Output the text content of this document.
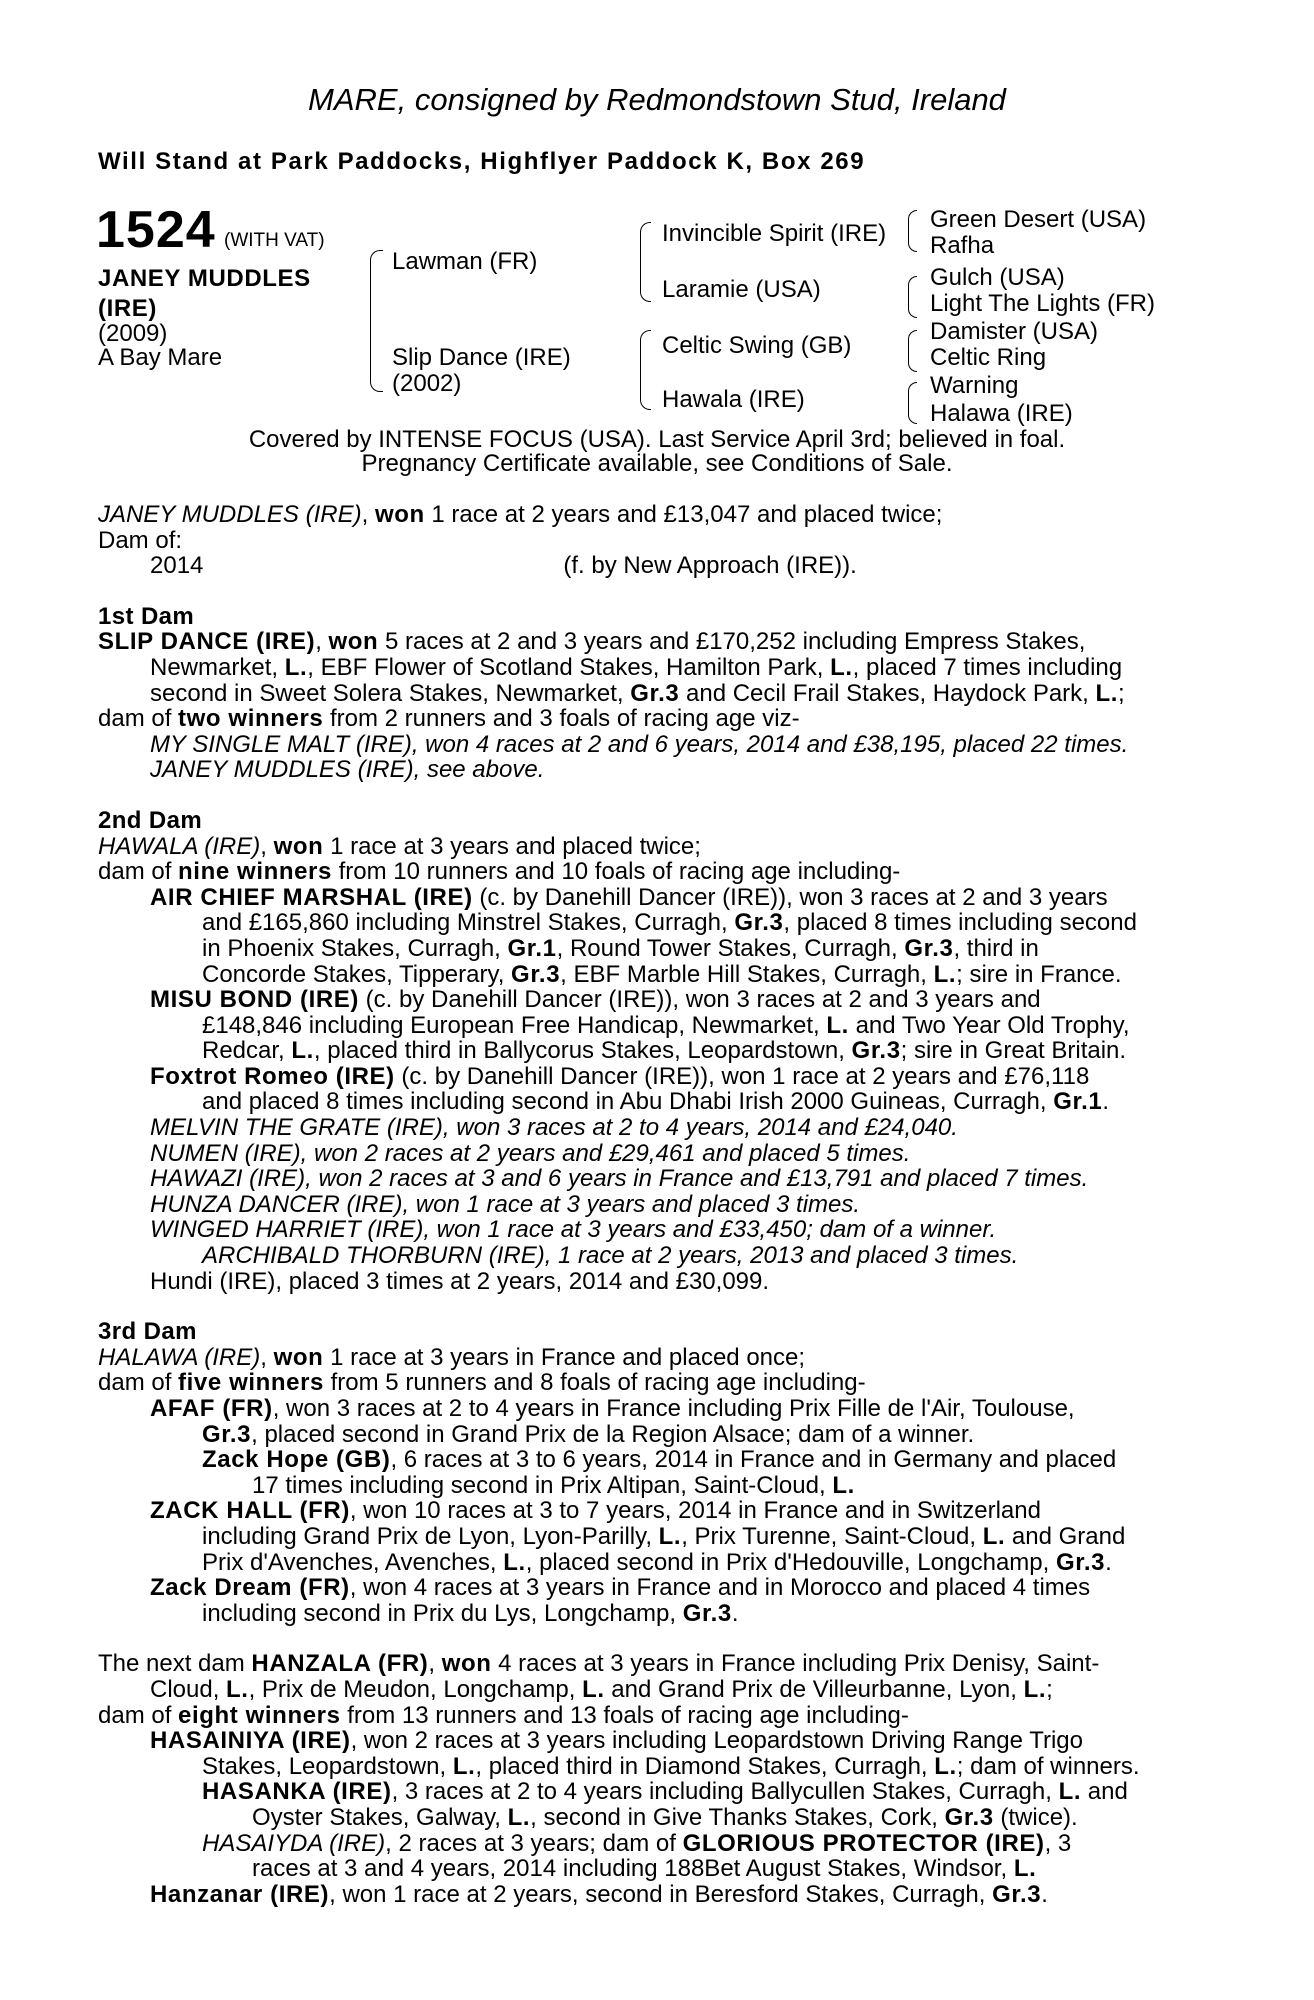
MARE, consigned by Redmondstown Stud, Ireland
Will Stand at Park Paddocks, Highflyer Paddock K, Box 269
1524 (WITH VAT)
JANEY MUDDLES
(IRE)
(2009)
A Bay Mare
Lawman (FR)
Slip Dance (IRE)
(2002)
Invincible Spirit (IRE)
Laramie (USA)
Celtic Swing (GB)
Hawala (IRE)
Green Desert (USA)
Rafha
Gulch (USA)
Light The Lights (FR)
Damister (USA)
Celtic Ring
Warning
Halawa (IRE)
Covered by INTENSE FOCUS (USA). Last Service April 3rd; believed in foal.
Pregnancy Certificate available, see Conditions of Sale.
JANEY MUDDLES (IRE), won 1 race at 2 years and £13,047 and placed twice;
Dam of:
2014	(f. by New Approach (IRE)).
1st Dam
SLIP DANCE (IRE), won 5 races at 2 and 3 years and £170,252 including Empress Stakes,
Newmarket, L., EBF Flower of Scotland Stakes, Hamilton Park, L., placed 7 times including
second in Sweet Solera Stakes, Newmarket, Gr.3 and Cecil Frail Stakes, Haydock Park, L.;
dam of two winners from 2 runners and 3 foals of racing age viz-
MY SINGLE MALT (IRE), won 4 races at 2 and 6 years, 2014 and £38,195, placed 22 times.
JANEY MUDDLES (IRE), see above.
2nd Dam
HAWALA (IRE), won 1 race at 3 years and placed twice;
dam of nine winners from 10 runners and 10 foals of racing age including-
AIR CHIEF MARSHAL (IRE) (c. by Danehill Dancer (IRE)), won 3 races at 2 and 3 years
and £165,860 including Minstrel Stakes, Curragh, Gr.3, placed 8 times including second
in Phoenix Stakes, Curragh, Gr.1, Round Tower Stakes, Curragh, Gr.3, third in
Concorde Stakes, Tipperary, Gr.3, EBF Marble Hill Stakes, Curragh, L.; sire in France.
MISU BOND (IRE) (c. by Danehill Dancer (IRE)), won 3 races at 2 and 3 years and
£148,846 including European Free Handicap, Newmarket, L. and Two Year Old Trophy,
Redcar, L., placed third in Ballycorus Stakes, Leopardstown, Gr.3; sire in Great Britain.
Foxtrot Romeo (IRE) (c. by Danehill Dancer (IRE)), won 1 race at 2 years and £76,118
and placed 8 times including second in Abu Dhabi Irish 2000 Guineas, Curragh, Gr.1.
MELVIN THE GRATE (IRE), won 3 races at 2 to 4 years, 2014 and £24,040.
NUMEN (IRE), won 2 races at 2 years and £29,461 and placed 5 times.
HAWAZI (IRE), won 2 races at 3 and 6 years in France and £13,791 and placed 7 times.
HUNZA DANCER (IRE), won 1 race at 3 years and placed 3 times.
WINGED HARRIET (IRE), won 1 race at 3 years and £33,450; dam of a winner.
ARCHIBALD THORBURN (IRE), 1 race at 2 years, 2013 and placed 3 times.
Hundi (IRE), placed 3 times at 2 years, 2014 and £30,099.
3rd Dam
HALAWA (IRE), won 1 race at 3 years in France and placed once;
dam of five winners from 5 runners and 8 foals of racing age including-
AFAF (FR), won 3 races at 2 to 4 years in France including Prix Fille de l'Air, Toulouse,
Gr.3, placed second in Grand Prix de la Region Alsace; dam of a winner.
Zack Hope (GB), 6 races at 3 to 6 years, 2014 in France and in Germany and placed
17 times including second in Prix Altipan, Saint-Cloud, L.
ZACK HALL (FR), won 10 races at 3 to 7 years, 2014 in France and in Switzerland
including Grand Prix de Lyon, Lyon-Parilly, L., Prix Turenne, Saint-Cloud, L. and Grand
Prix d'Avenches, Avenches, L., placed second in Prix d'Hedouville, Longchamp, Gr.3.
Zack Dream (FR), won 4 races at 3 years in France and in Morocco and placed 4 times
including second in Prix du Lys, Longchamp, Gr.3.
The next dam HANZALA (FR), won 4 races at 3 years in France including Prix Denisy, Saint-
Cloud, L., Prix de Meudon, Longchamp, L. and Grand Prix de Villeurbanne, Lyon, L.;
dam of eight winners from 13 runners and 13 foals of racing age including-
HASAINIYA (IRE), won 2 races at 3 years including Leopardstown Driving Range Trigo
Stakes, Leopardstown, L., placed third in Diamond Stakes, Curragh, L.; dam of winners.
HASANKA (IRE), 3 races at 2 to 4 years including Ballycullen Stakes, Curragh, L. and
Oyster Stakes, Galway, L., second in Give Thanks Stakes, Cork, Gr.3 (twice).
HASAIYDA (IRE), 2 races at 3 years; dam of GLORIOUS PROTECTOR (IRE), 3
races at 3 and 4 years, 2014 including 188Bet August Stakes, Windsor, L.
Hanzanar (IRE), won 1 race at 2 years, second in Beresford Stakes, Curragh, Gr.3.
